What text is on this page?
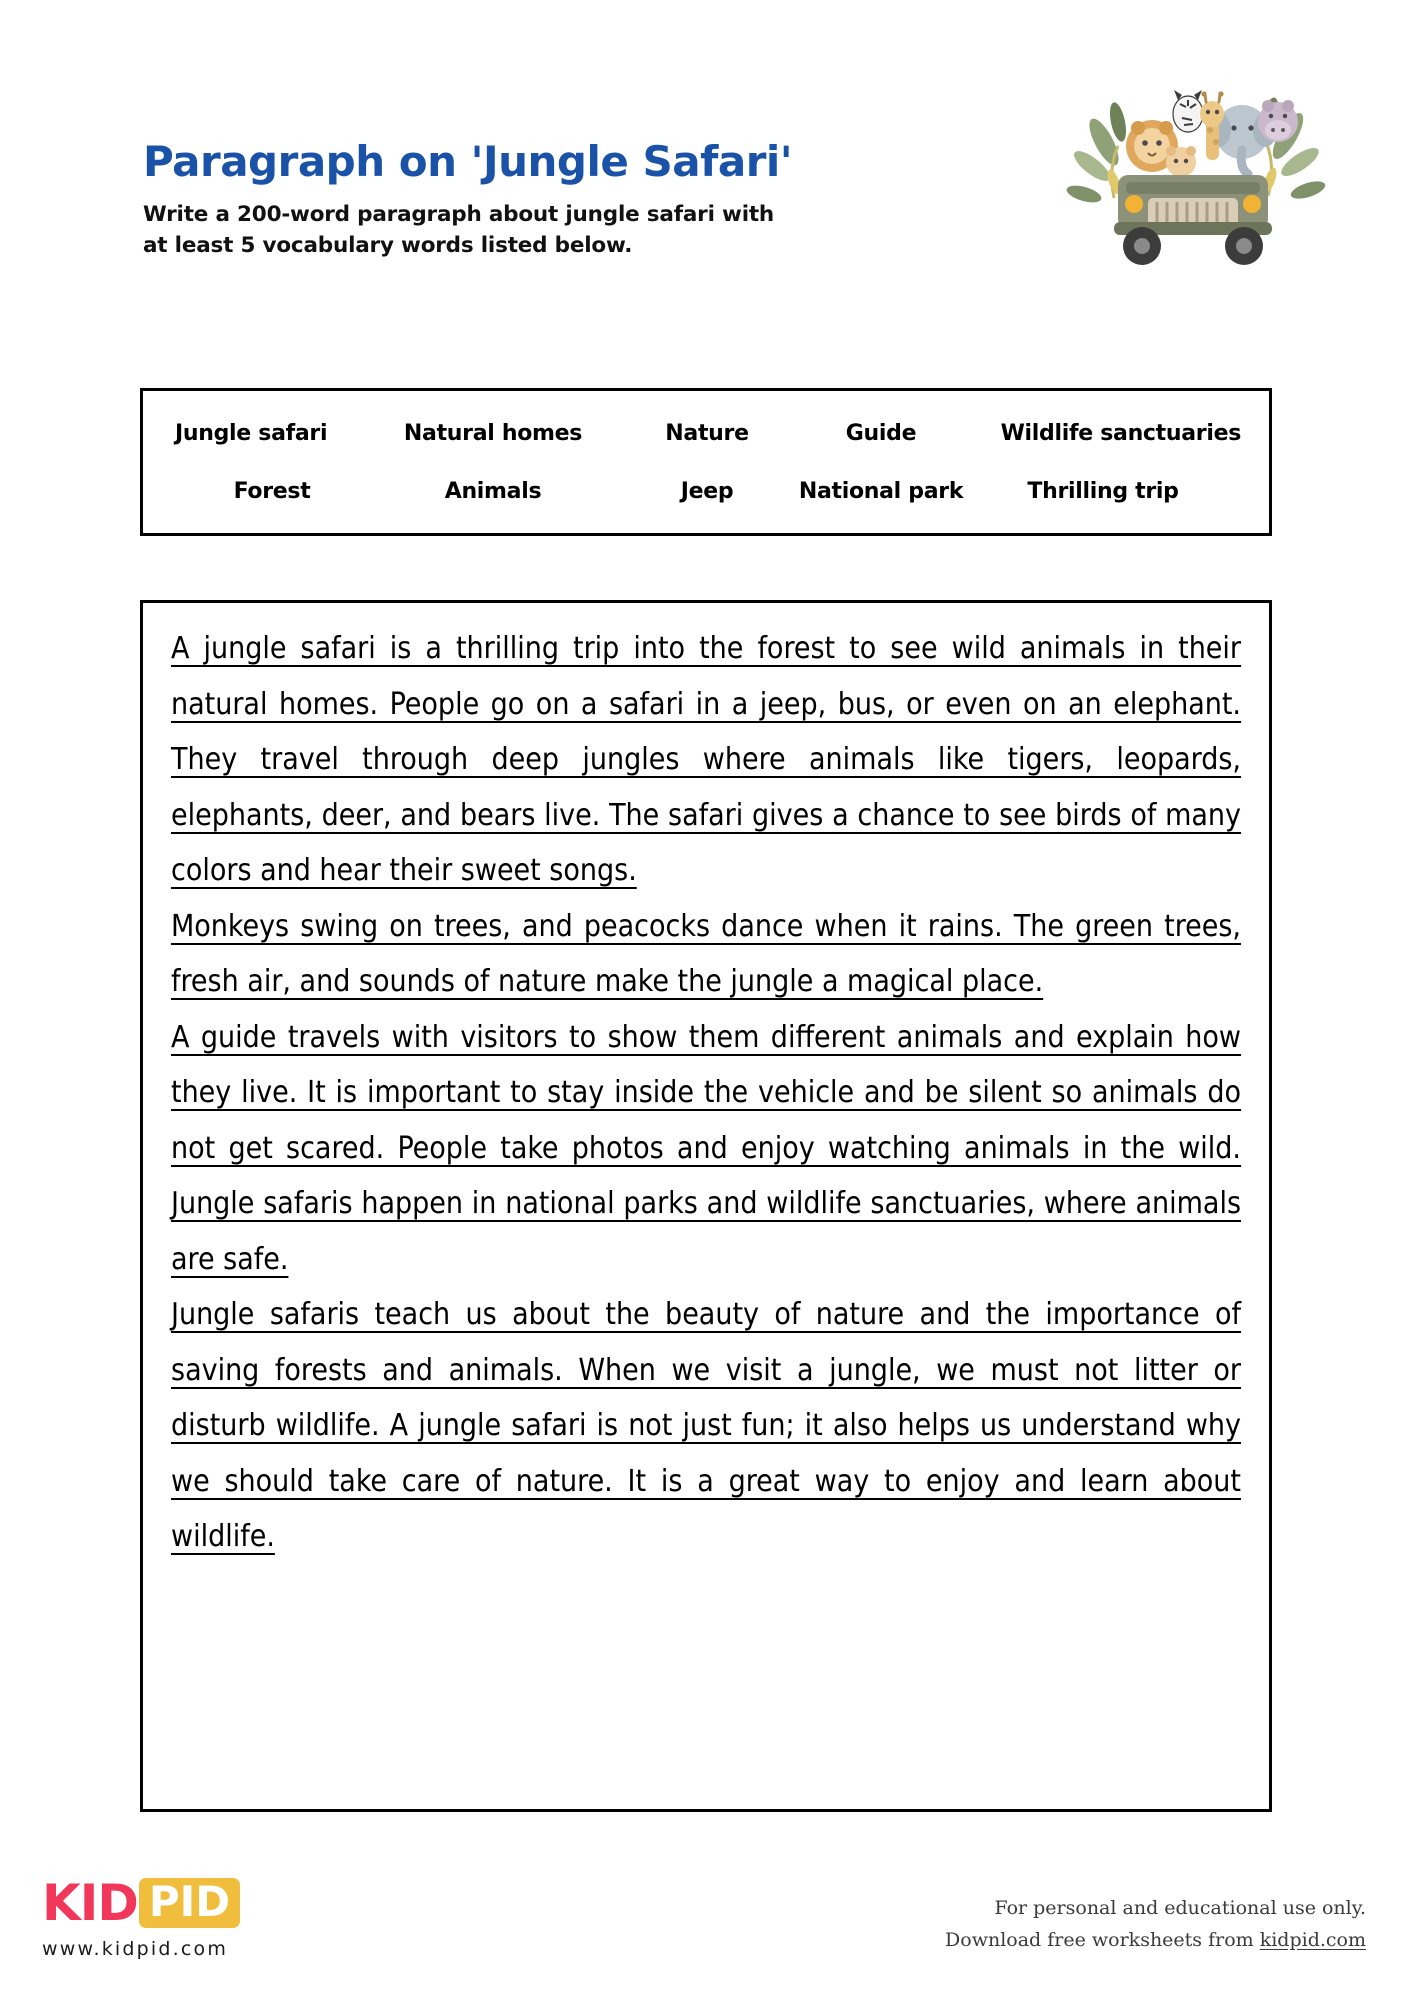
Paragraph on 'Jungle Safari'
Write a 200-word paragraph about jungle safari with at least 5 vocabulary words listed below.
Jungle safari	Natural homes	Nature	Guide	Wildlife sanctuaries
Forest	Animals	Jeep	National park	Thrilling trip

A jungle safari is a thrilling trip into the forest to see wild animals in their natural homes. People go on a safari in a jeep, bus, or even on an elephant. They travel through deep jungles where animals like tigers, leopards, elephants, deer, and bears live. The safari gives a chance to see birds of many colors and hear their sweet songs.

Monkeys swing on trees, and peacocks dance when it rains. The green trees, fresh air, and sounds of nature make the jungle a magical place.

A guide travels with visitors to show them different animals and explain how they live. It is important to stay inside the vehicle and be silent so animals do not get scared. People take photos and enjoy watching animals in the wild. Jungle safaris happen in national parks and wildlife sanctuaries, where animals are safe.

Jungle safaris teach us about the beauty of nature and the importance of saving forests and animals. When we visit a jungle, we must not litter or disturb wildlife. A jungle safari is not just fun; it also helps us understand why we should take care of nature. It is a great way to enjoy and learn about wildlife.

KID PID
www.kidpid.com
For personal and educational use only.
Download free worksheets from kidpid.com
